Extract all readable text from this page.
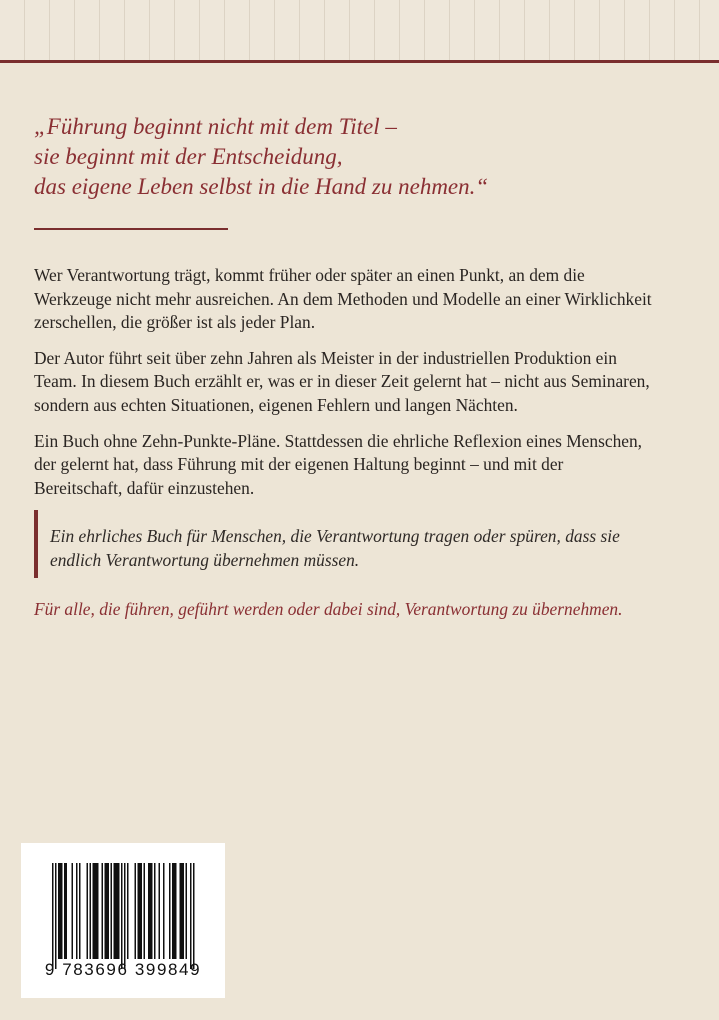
„Führung beginnt nicht mit dem Titel –
sie beginnt mit der Entscheidung,
das eigene Leben selbst in die Hand zu nehmen.“
Wer Verantwortung trägt, kommt früher oder später an einen Punkt, an dem die
Werkzeuge nicht mehr ausreichen. An dem Methoden und Modelle an einer Wirklichkeit
zerschellen, die größer ist als jeder Plan.
Der Autor führt seit über zehn Jahren als Meister in der industriellen Produktion ein
Team. In diesem Buch erzählt er, was er in dieser Zeit gelernt hat – nicht aus Seminaren,
sondern aus echten Situationen, eigenen Fehlern und langen Nächten.
Ein Buch ohne Zehn-Punkte-Pläne. Stattdessen die ehrliche Reflexion eines Menschen,
der gelernt hat, dass Führung mit der eigenen Haltung beginnt – und mit der
Bereitschaft, dafür einzustehen.
Ein ehrliches Buch für Menschen, die Verantwortung tragen oder spüren, dass sie
endlich Verantwortung übernehmen müssen.
Für alle, die führen, geführt werden oder dabei sind, Verantwortung zu übernehmen.
9 783696 399849
